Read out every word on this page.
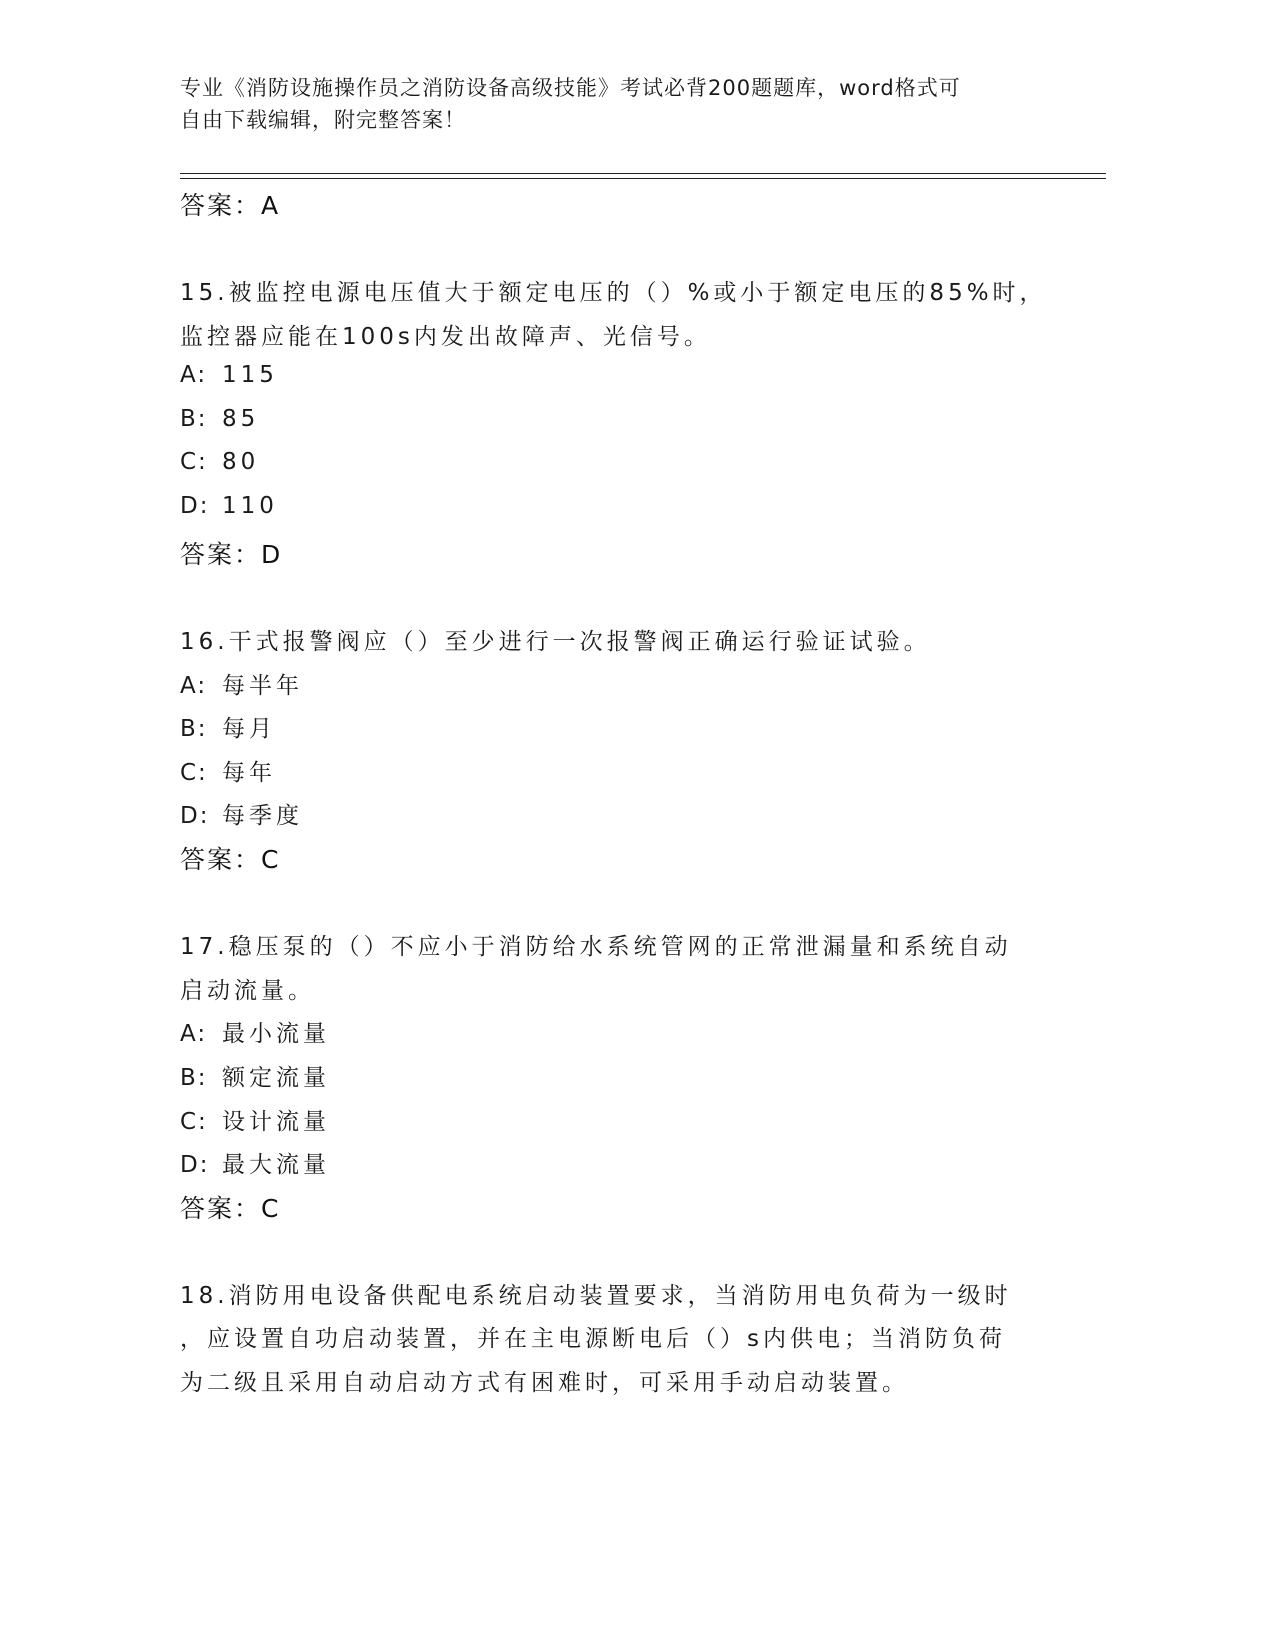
专业《消防设施操作员之消防设备高级技能》考试必背200题题库，word格式可
自由下载编辑，附完整答案！
答案：A
15.被监控电源电压值大于额定电压的（）%或小于额定电压的85%时，
监控器应能在100s内发出故障声、光信号。
A: 115
B: 85
C: 80
D: 110
答案：D
16.干式报警阀应（）至少进行一次报警阀正确运行验证试验。
A: 每半年
B: 每月
C: 每年
D: 每季度
答案：C
17.稳压泵的（）不应小于消防给水系统管网的正常泄漏量和系统自动
启动流量。
A: 最小流量
B: 额定流量
C: 设计流量
D: 最大流量
答案：C
18.消防用电设备供配电系统启动装置要求，当消防用电负荷为一级时
，应设置自功启动装置，并在主电源断电后（）s内供电；当消防负荷
为二级且采用自动启动方式有困难时，可采用手动启动装置。
